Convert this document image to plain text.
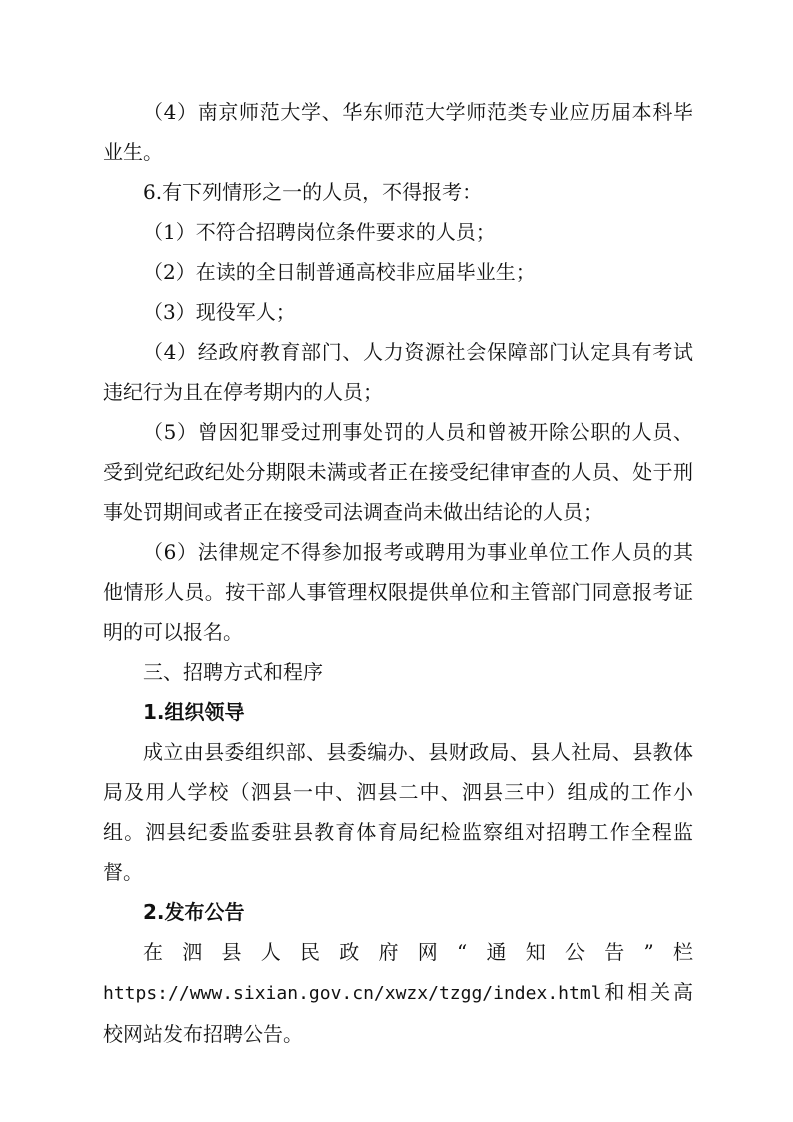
（4）南京师范大学、华东师范大学师范类专业应历届本科毕业生。

6.有下列情形之一的人员，不得报考：

（1）不符合招聘岗位条件要求的人员；

（2）在读的全日制普通高校非应届毕业生；

（3）现役军人；

（4）经政府教育部门、人力资源社会保障部门认定具有考试违纪行为且在停考期内的人员；

（5）曾因犯罪受过刑事处罚的人员和曾被开除公职的人员、受到党纪政纪处分期限未满或者正在接受纪律审查的人员、处于刑事处罚期间或者正在接受司法调查尚未做出结论的人员；

（6）法律规定不得参加报考或聘用为事业单位工作人员的其他情形人员。按干部人事管理权限提供单位和主管部门同意报考证明的可以报名。

三、招聘方式和程序

1.组织领导

成立由县委组织部、县委编办、县财政局、县人社局、县教体局及用人学校（泗县一中、泗县二中、泗县三中）组成的工作小组。泗县纪委监委驻县教育体育局纪检监察组对招聘工作全程监督。

2.发布公告

在泗县人民政府网“通知公告”栏

https://www.sixian.gov.cn/xwzx/tzgg/index.html和相关高校网站发布招聘公告。
